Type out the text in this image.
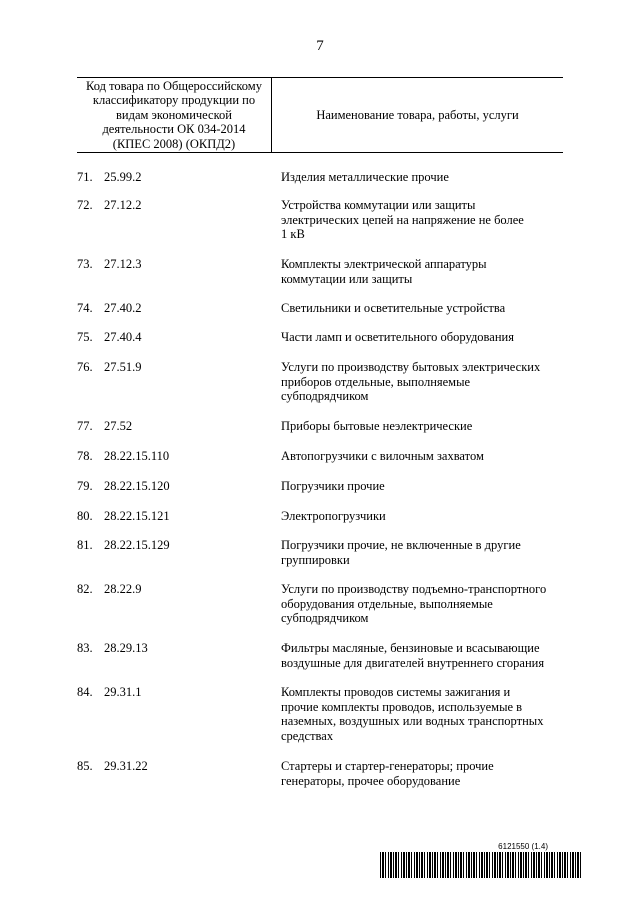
7
Код товара по Общероссийскому
классификатору продукции по
видам экономической
деятельности ОК 034-2014
(КПЕС 2008) (ОКПД2)
Наименование товара, работы, услуги
71. 25.99.2	Изделия металлические прочие
72. 27.12.2	Устройства коммутации или защиты
электрических цепей на напряжение не более
1 кВ
73. 27.12.3	Комплекты электрической аппаратуры
коммутации или защиты
74. 27.40.2	Светильники и осветительные устройства
75. 27.40.4	Части ламп и осветительного оборудования
76. 27.51.9	Услуги по производству бытовых электрических
приборов отдельные, выполняемые
субподрядчиком
77. 27.52	Приборы бытовые неэлектрические
78. 28.22.15.110	Автопогрузчики с вилочным захватом
79. 28.22.15.120	Погрузчики прочие
80. 28.22.15.121	Электропогрузчики
81. 28.22.15.129	Погрузчики прочие, не включенные в другие
группировки
82. 28.22.9	Услуги по производству подъемно-транспортного
оборудования отдельные, выполняемые
субподрядчиком
83. 28.29.13	Фильтры масляные, бензиновые и всасывающие
воздушные для двигателей внутреннего сгорания
84. 29.31.1	Комплекты проводов системы зажигания и
прочие комплекты проводов, используемые в
наземных, воздушных или водных транспортных
средствах
85. 29.31.22	Стартеры и стартер-генераторы; прочие
генераторы, прочее оборудование
6121550 (1.4)
